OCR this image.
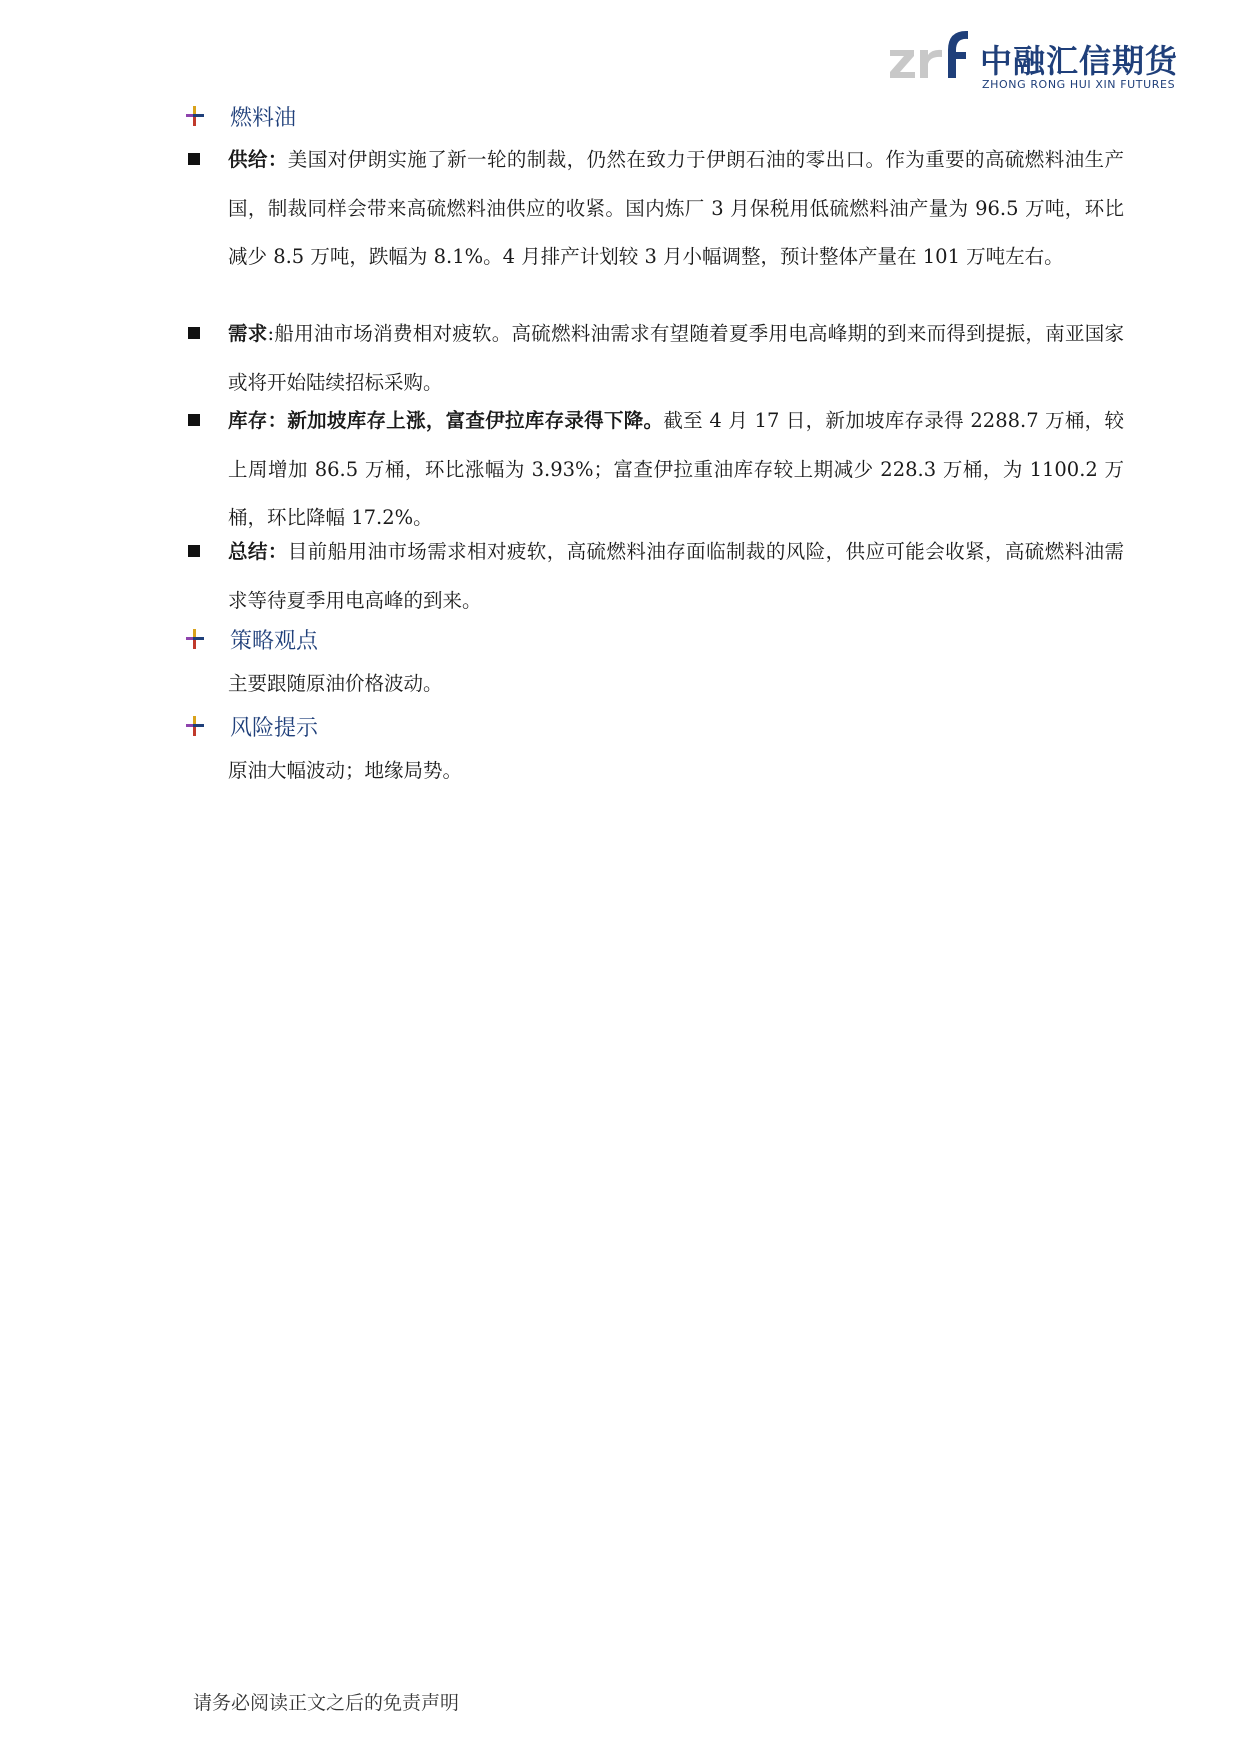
中融汇信期货
ZHONG RONG HUI XIN FUTURES
燃料油
供给：美国对伊朗实施了新一轮的制裁，仍然在致力于伊朗石油的零出口。作为重要的高硫燃料油生产国，制裁同样会带来高硫燃料油供应的收紧。国内炼厂 3 月保税用低硫燃料油产量为 96.5 万吨，环比减少 8.5 万吨，跌幅为 8.1%。4 月排产计划较 3 月小幅调整，预计整体产量在 101 万吨左右。
需求:船用油市场消费相对疲软。高硫燃料油需求有望随着夏季用电高峰期的到来而得到提振，南亚国家或将开始陆续招标采购。
库存：新加坡库存上涨，富查伊拉库存录得下降。截至 4 月 17 日，新加坡库存录得 2288.7 万桶，较上周增加 86.5 万桶，环比涨幅为 3.93%；富查伊拉重油库存较上期减少 228.3 万桶，为 1100.2 万桶，环比降幅 17.2%。
总结：目前船用油市场需求相对疲软，高硫燃料油存面临制裁的风险，供应可能会收紧，高硫燃料油需求等待夏季用电高峰的到来。
策略观点
主要跟随原油价格波动。
风险提示
原油大幅波动；地缘局势。
请务必阅读正文之后的免责声明
